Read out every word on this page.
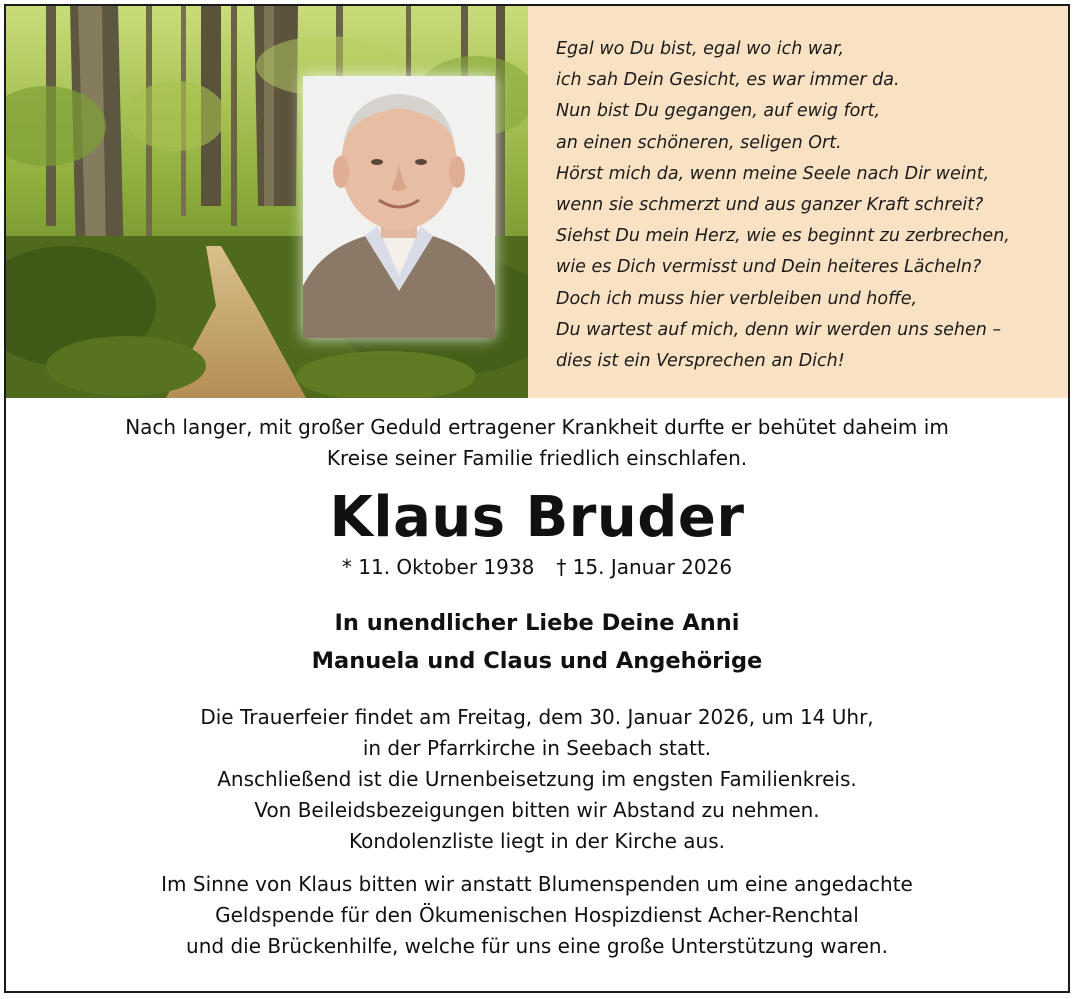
Egal wo Du bist, egal wo ich war,
ich sah Dein Gesicht, es war immer da.
Nun bist Du gegangen, auf ewig fort,
an einen schöneren, seligen Ort.
Hörst mich da, wenn meine Seele nach Dir weint,
wenn sie schmerzt und aus ganzer Kraft schreit?
Siehst Du mein Herz, wie es beginnt zu zerbrechen,
wie es Dich vermisst und Dein heiteres Lächeln?
Doch ich muss hier verbleiben und hoffe,
Du wartest auf mich, denn wir werden uns sehen –
dies ist ein Versprechen an Dich!

Nach langer, mit großer Geduld ertragener Krankheit durfte er behütet daheim im
Kreise seiner Familie friedlich einschlafen.

Klaus Bruder

* 11. Oktober 1938 † 15. Januar 2026

In unendlicher Liebe Deine Anni
Manuela und Claus und Angehörige

Die Trauerfeier findet am Freitag, dem 30. Januar 2026, um 14 Uhr,
in der Pfarrkirche in Seebach statt.
Anschließend ist die Urnenbeisetzung im engsten Familienkreis.
Von Beileidsbezeigungen bitten wir Abstand zu nehmen.
Kondolenzliste liegt in der Kirche aus.

Im Sinne von Klaus bitten wir anstatt Blumenspenden um eine angedachte
Geldspende für den Ökumenischen Hospizdienst Acher-Renchtal
und die Brückenhilfe, welche für uns eine große Unterstützung waren.
